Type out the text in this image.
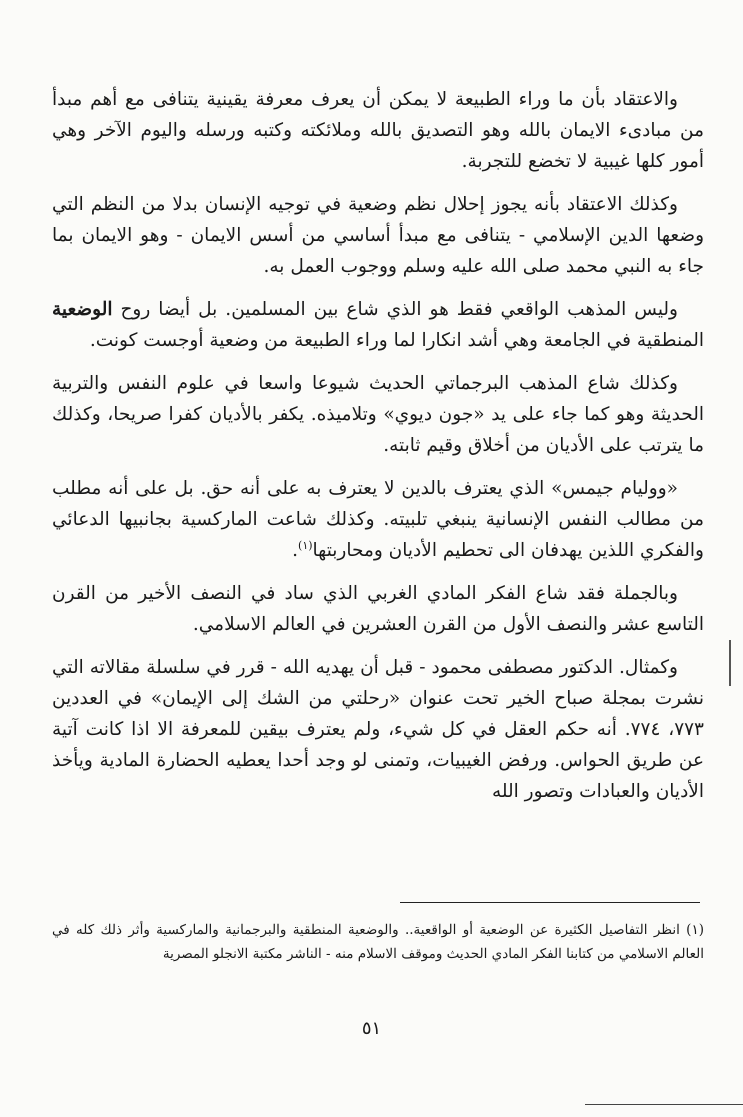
والاعتقاد بأن ما وراء الطبيعة لا يمكن أن يعرف معرفة يقينية يتنافى مع أهم مبدأ من مبادىء الايمان بالله وهو التصديق بالله وملائكته وكتبه ورسله واليوم الآخر وهي أمور كلها غيبية لا تخضع للتجربة.

وكذلك الاعتقاد بأنه يجوز إحلال نظم وضعية في توجيه الإنسان بدلا من النظم التي وضعها الدين الإسلامي - يتنافى مع مبدأ أساسي من أسس الايمان - وهو الايمان بما جاء به النبي محمد صلى الله عليه وسلم ووجوب العمل به.

وليس المذهب الواقعي فقط هو الذي شاع بين المسلمين. بل أيضا روح الوضعية المنطقية في الجامعة وهي أشد انكارا لما وراء الطبيعة من وضعية أوجست كونت.

وكذلك شاع المذهب البرجماتي الحديث شيوعا واسعا في علوم النفس والتربية الحديثة وهو كما جاء على يد «جون ديوي» وتلاميذه. يكفر بالأديان كفرا صريحا، وكذلك ما يترتب على الأديان من أخلاق وقيم ثابته.

«ووليام جيمس» الذي يعترف بالدين لا يعترف به على أنه حق. بل على أنه مطلب من مطالب النفس الإنسانية ينبغي تلبيته. وكذلك شاعت الماركسية بجانبيها الدعائي والفكري اللذين يهدفان الى تحطيم الأديان ومحاربتها$^{(١)}$.

وبالجملة فقد شاع الفكر المادي الغربي الذي ساد في النصف الأخير من القرن التاسع عشر والنصف الأول من القرن العشرين في العالم الاسلامي.

وكمثال. الدكتور مصطفى محمود - قبل أن يهديه الله - قرر في سلسلة مقالاته التي نشرت بمجلة صباح الخير تحت عنوان «رحلتي من الشك إلى الإيمان» في العددين ٧٧٣، ٧٧٤. أنه حكم العقل في كل شيء، ولم يعترف بيقين للمعرفة الا اذا كانت آتية عن طريق الحواس. ورفض الغيبيات، وتمنى لو وجد أحدا يعطيه الحضارة المادية ويأخذ الأديان والعبادات وتصور الله

(١) انظر التفاصيل الكثيرة عن الوضعية أو الواقعية.. والوضعية المنطقية والبرجمانية والماركسية وأثر ذلك كله في العالم الاسلامي من كتابنا الفكر المادي الحديث وموقف الاسلام منه - الناشر مكتبة الانجلو المصرية

٥١
